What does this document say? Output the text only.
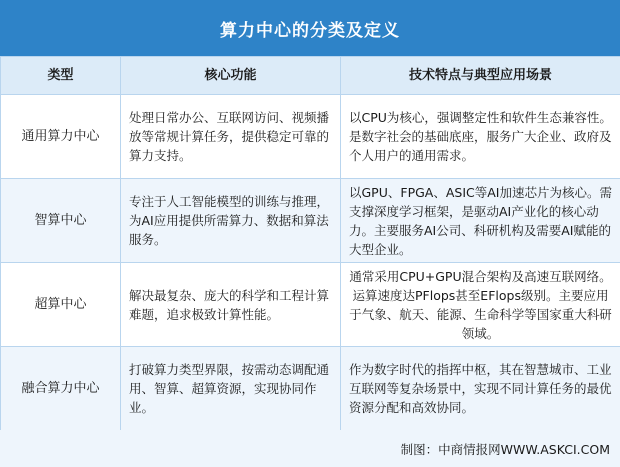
算力中心的分类及定义
类型	核心功能	技术特点与典型应用场景
通用算力中心	处理日常办公、互联网访问、视频播放等常规计算任务，提供稳定可靠的算力支持。	以CPU为核心，强调整定性和软件生态兼容性。是数字社会的基础底座，服务广大企业、政府及个人用户的通用需求。
智算中心	专注于人工智能模型的训练与推理，为AI应用提供所需算力、数据和算法服务。	以GPU、FPGA、ASIC等AI加速芯片为核心。需支撑深度学习框架，是驱动AI产业化的核心动力。主要服务AI公司、科研机构及需要AI赋能的大型企业。
超算中心	解决最复杂、庞大的科学和工程计算难题，追求极致计算性能。	通常采用CPU+GPU混合架构及高速互联网络。运算速度达PFlops甚至EFlops级别。主要应用于气象、航天、能源、生命科学等国家重大科研领域。
融合算力中心	打破算力类型界限，按需动态调配通用、智算、超算资源，实现协同作业。	作为数字时代的指挥中枢，其在智慧城市、工业互联网等复杂场景中，实现不同计算任务的最优资源分配和高效协同。
制图：中商情报网WWW.ASKCI.COM
